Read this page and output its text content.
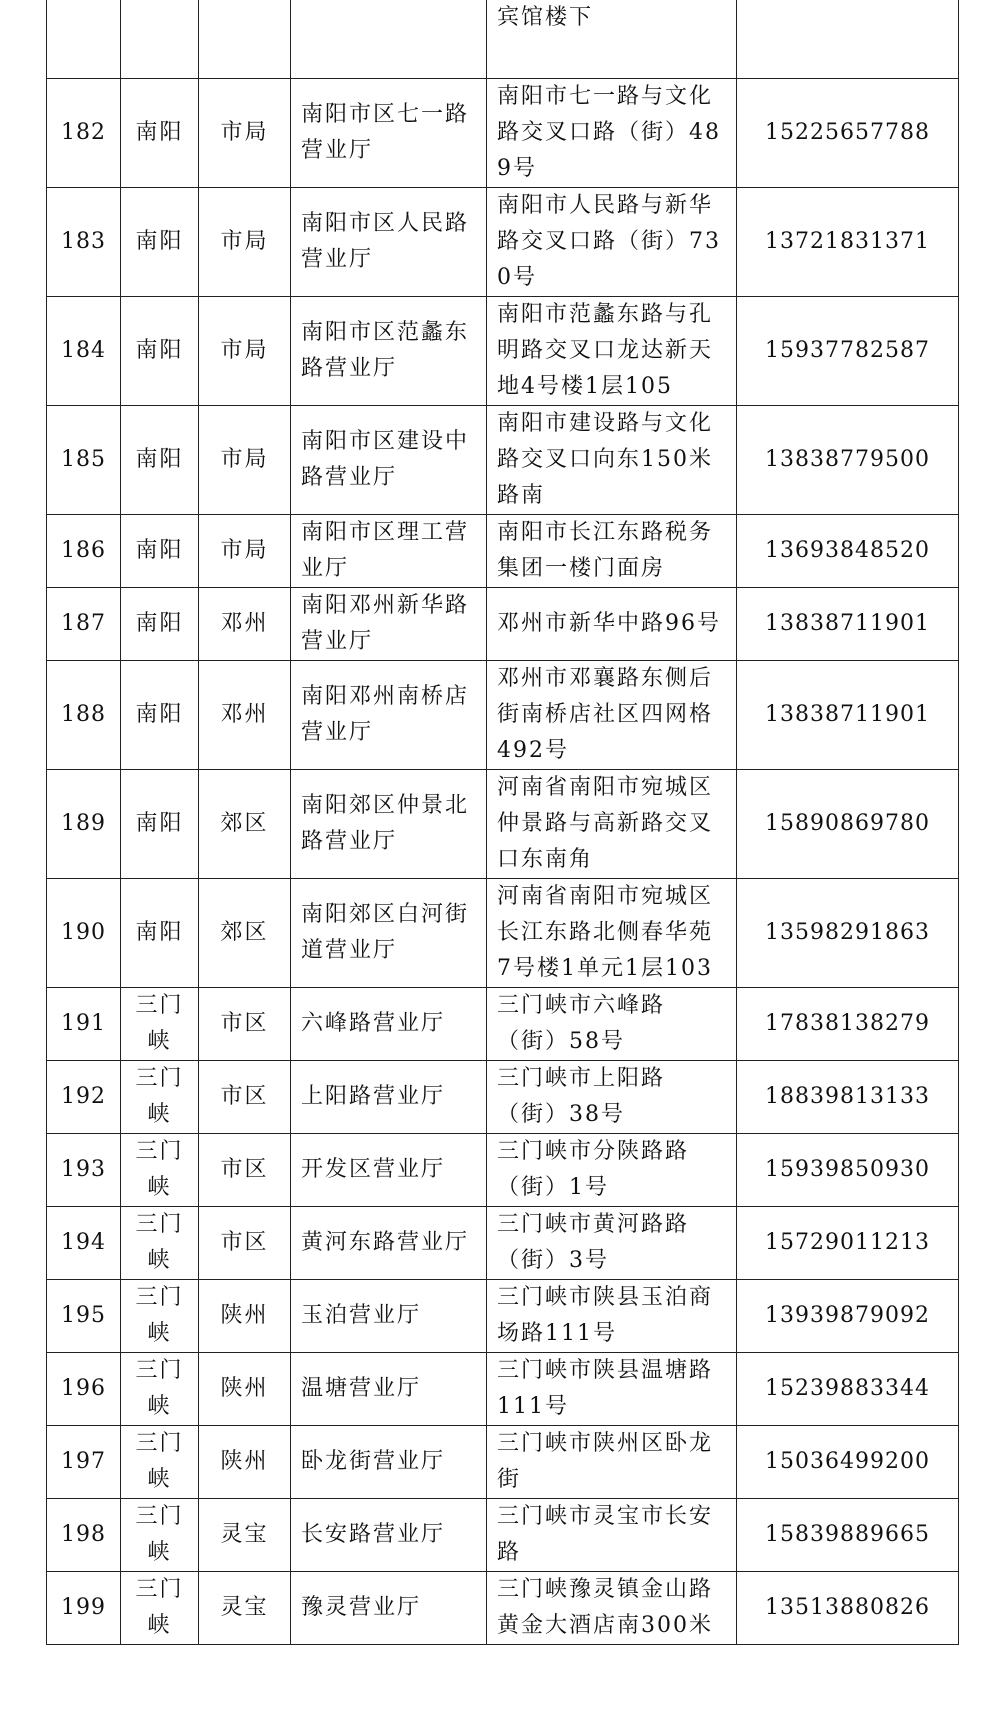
				宾馆楼下	
182	南阳	市局	南阳市区七一路营业厅	南阳市七一路与文化路交叉口路（街）489号	15225657788
183	南阳	市局	南阳市区人民路营业厅	南阳市人民路与新华路交叉口路（街）730号	13721831371
184	南阳	市局	南阳市区范蠡东路营业厅	南阳市范蠡东路与孔明路交叉口龙达新天地4号楼1层105	15937782587
185	南阳	市局	南阳市区建设中路营业厅	南阳市建设路与文化路交叉口向东150米路南	13838779500
186	南阳	市局	南阳市区理工营业厅	南阳市长江东路税务集团一楼门面房	13693848520
187	南阳	邓州	南阳邓州新华路营业厅	邓州市新华中路96号	13838711901
188	南阳	邓州	南阳邓州南桥店营业厅	邓州市邓襄路东侧后街南桥店社区四网格492号	13838711901
189	南阳	郊区	南阳郊区仲景北路营业厅	河南省南阳市宛城区仲景路与高新路交叉口东南角	15890869780
190	南阳	郊区	南阳郊区白河街道营业厅	河南省南阳市宛城区长江东路北侧春华苑7号楼1单元1层103	13598291863
191	三门峡	市区	六峰路营业厅	三门峡市六峰路（街）58号	17838138279
192	三门峡	市区	上阳路营业厅	三门峡市上阳路（街）38号	18839813133
193	三门峡	市区	开发区营业厅	三门峡市分陕路路（街）1号	15939850930
194	三门峡	市区	黄河东路营业厅	三门峡市黄河路路（街）3号	15729011213
195	三门峡	陕州	玉泊营业厅	三门峡市陕县玉泊商场路111号	13939879092
196	三门峡	陕州	温塘营业厅	三门峡市陕县温塘路111号	15239883344
197	三门峡	陕州	卧龙街营业厅	三门峡市陕州区卧龙街	15036499200
198	三门峡	灵宝	长安路营业厅	三门峡市灵宝市长安路	15839889665
199	三门峡	灵宝	豫灵营业厅	三门峡豫灵镇金山路黄金大酒店南300米	13513880826
